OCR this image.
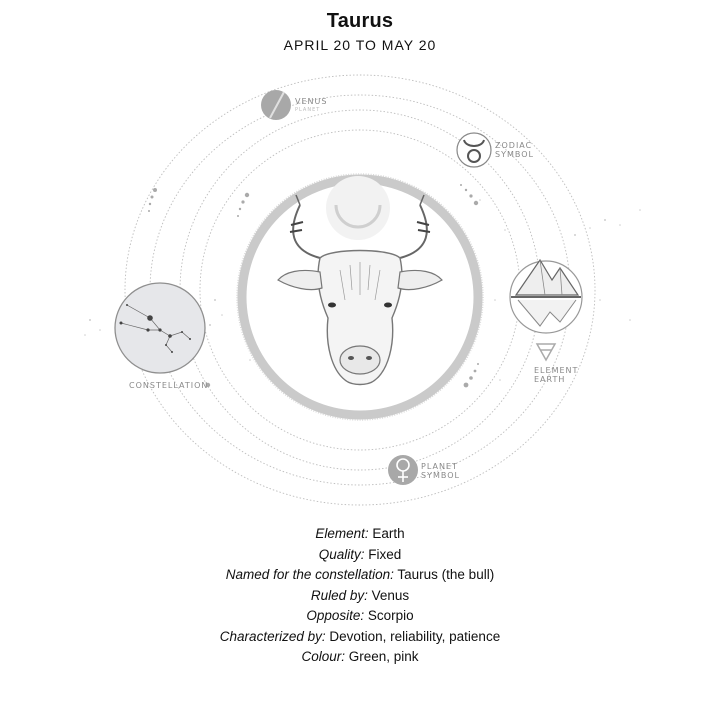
Taurus
APRIL 20 TO MAY 20
VENUS
PLANET
ZODIAC
SYMBOL
ELEMENT
EARTH
CONSTELLATION
PLANET
SYMBOL
Element: Earth
Quality: Fixed
Named for the constellation: Taurus (the bull)
Ruled by: Venus
Opposite: Scorpio
Characterized by: Devotion, reliability, patience
Colour: Green, pink
